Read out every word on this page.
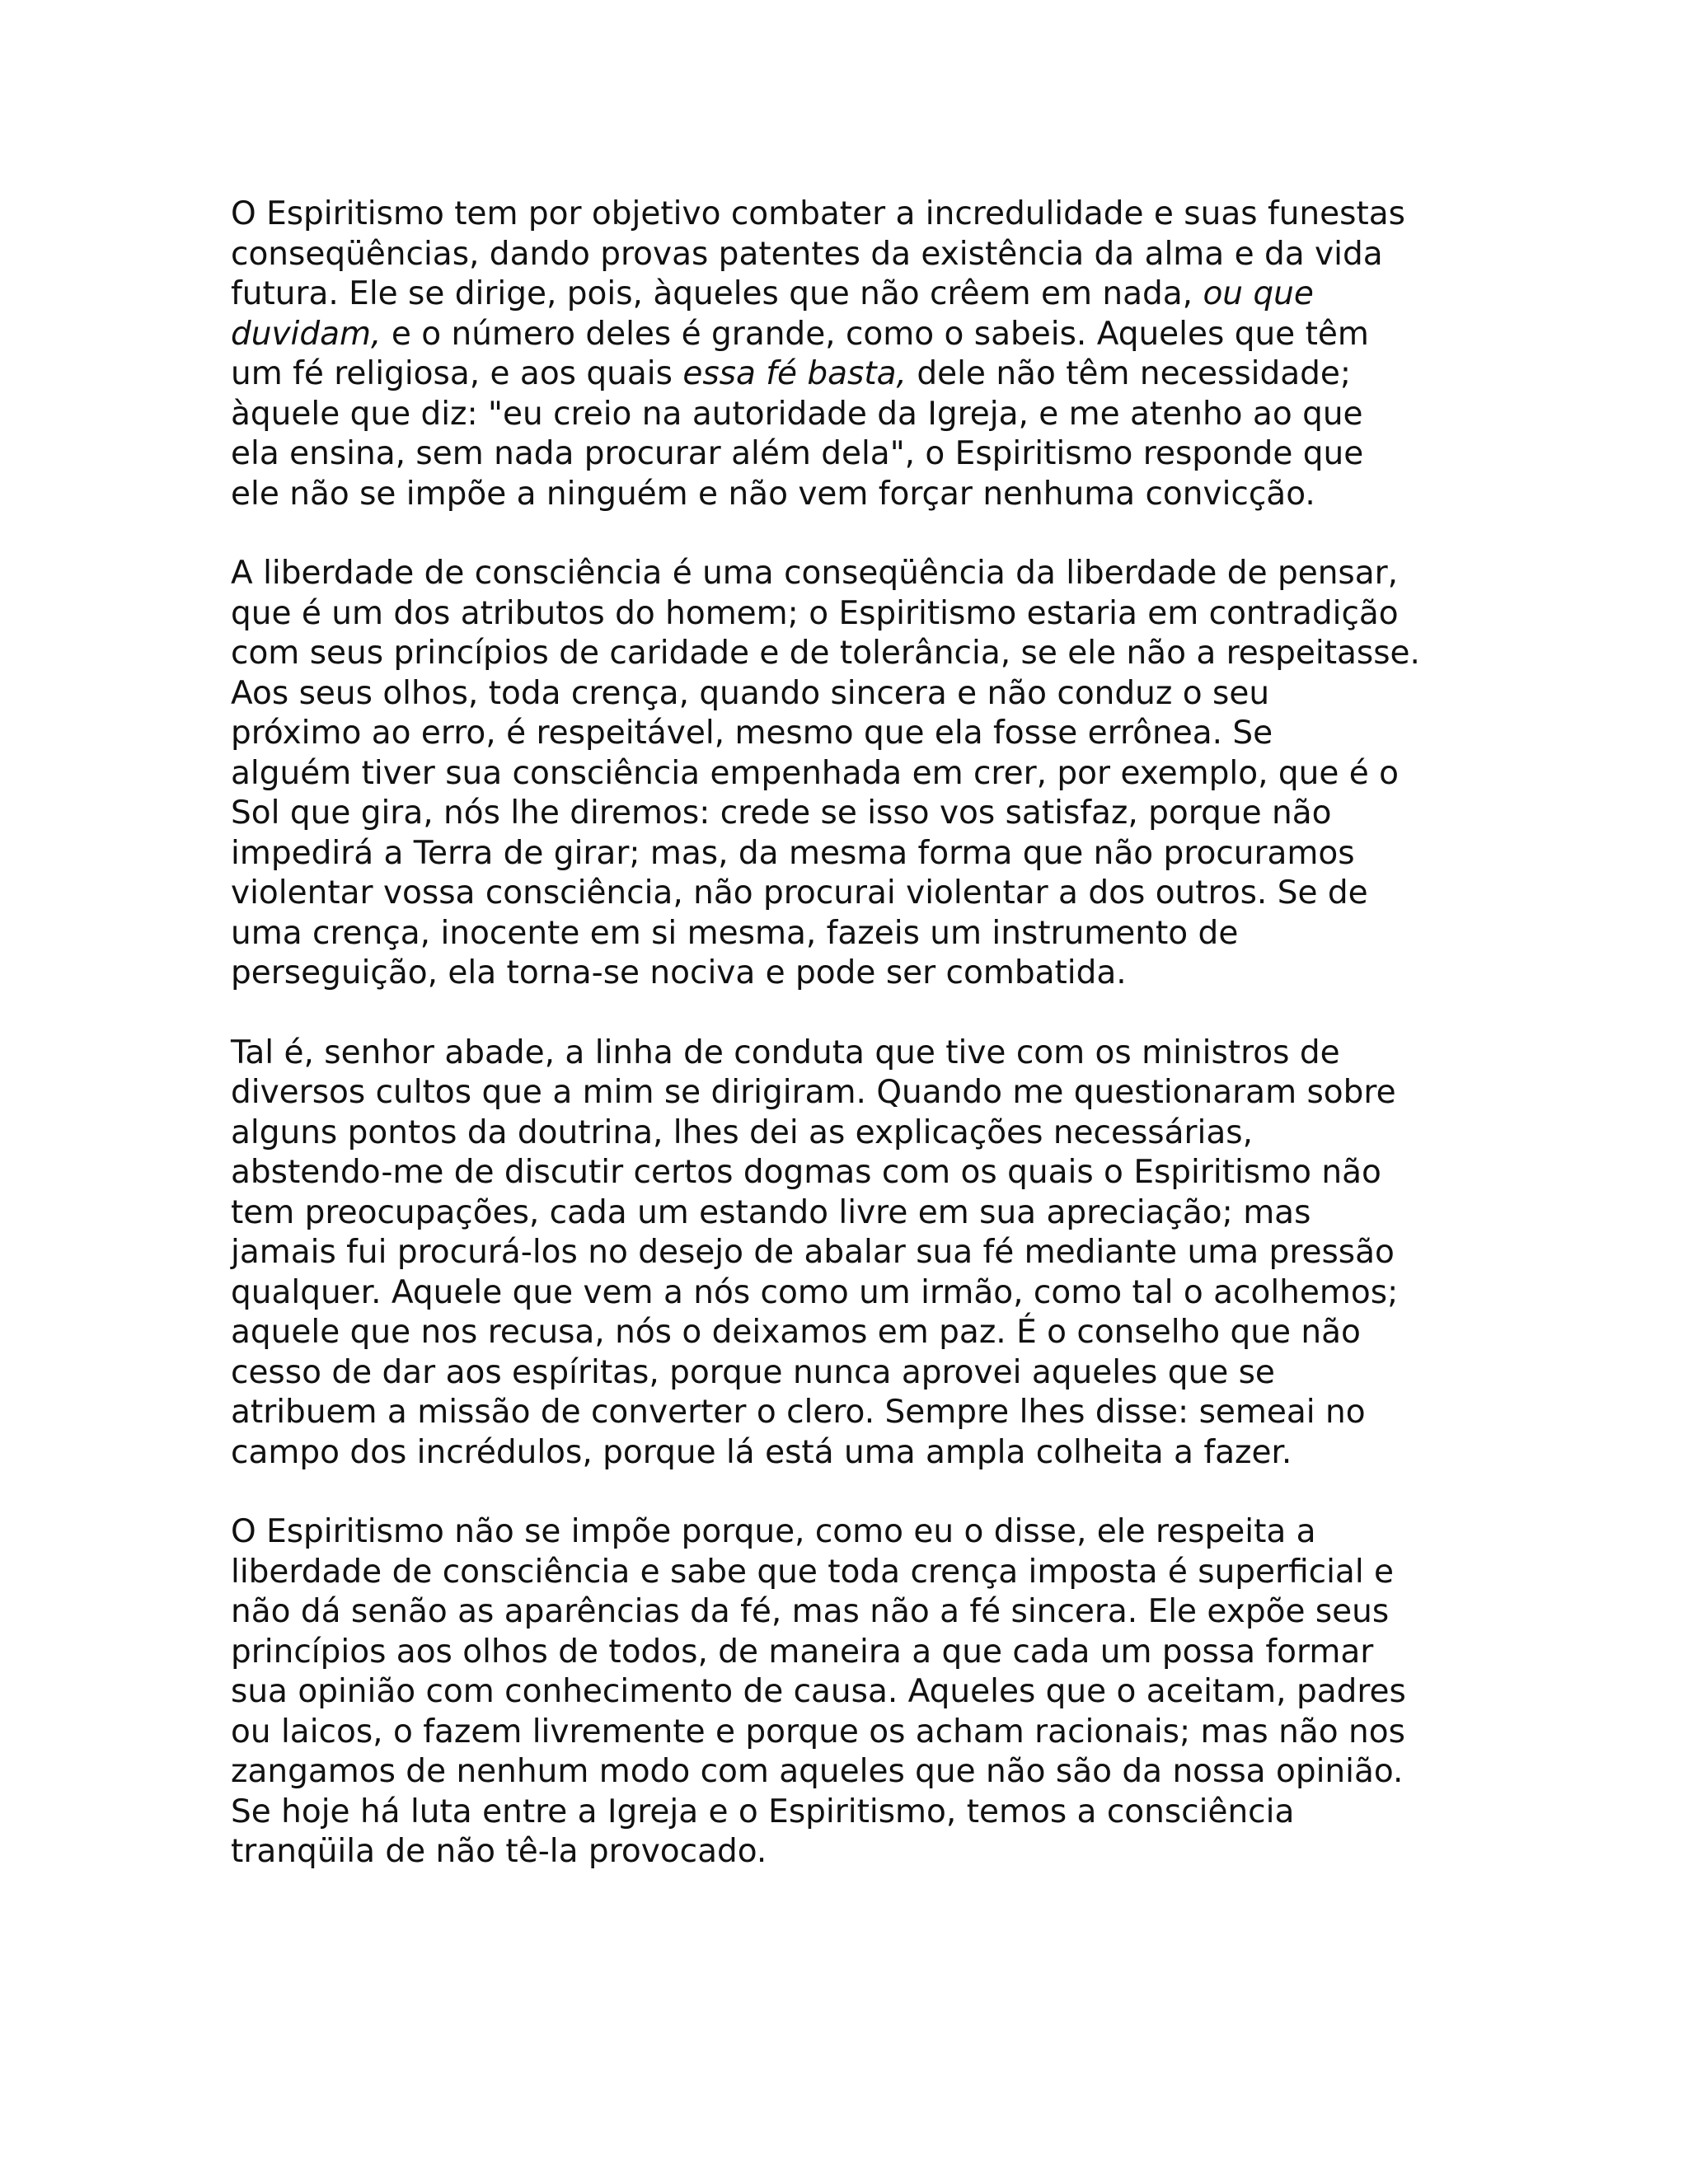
O Espiritismo tem por objetivo combater a incredulidade e suas funestas
conseqüências, dando provas patentes da existência da alma e da vida
futura. Ele se dirige, pois, àqueles que não crêem em nada, ou que
duvidam, e o número deles é grande, como o sabeis. Aqueles que têm
um fé religiosa, e aos quais essa fé basta, dele não têm necessidade;
àquele que diz: "eu creio na autoridade da Igreja, e me atenho ao que
ela ensina, sem nada procurar além dela", o Espiritismo responde que
ele não se impõe a ninguém e não vem forçar nenhuma convicção.

A liberdade de consciência é uma conseqüência da liberdade de pensar,
que é um dos atributos do homem; o Espiritismo estaria em contradição
com seus princípios de caridade e de tolerância, se ele não a respeitasse.
Aos seus olhos, toda crença, quando sincera e não conduz o seu
próximo ao erro, é respeitável, mesmo que ela fosse errônea. Se
alguém tiver sua consciência empenhada em crer, por exemplo, que é o
Sol que gira, nós lhe diremos: crede se isso vos satisfaz, porque não
impedirá a Terra de girar; mas, da mesma forma que não procuramos
violentar vossa consciência, não procurai violentar a dos outros. Se de
uma crença, inocente em si mesma, fazeis um instrumento de
perseguição, ela torna-se nociva e pode ser combatida.

Tal é, senhor abade, a linha de conduta que tive com os ministros de
diversos cultos que a mim se dirigiram. Quando me questionaram sobre
alguns pontos da doutrina, lhes dei as explicações necessárias,
abstendo-me de discutir certos dogmas com os quais o Espiritismo não
tem preocupações, cada um estando livre em sua apreciação; mas
jamais fui procurá-los no desejo de abalar sua fé mediante uma pressão
qualquer. Aquele que vem a nós como um irmão, como tal o acolhemos;
aquele que nos recusa, nós o deixamos em paz. É o conselho que não
cesso de dar aos espíritas, porque nunca aprovei aqueles que se
atribuem a missão de converter o clero. Sempre lhes disse: semeai no
campo dos incrédulos, porque lá está uma ampla colheita a fazer.

O Espiritismo não se impõe porque, como eu o disse, ele respeita a
liberdade de consciência e sabe que toda crença imposta é superficial e
não dá senão as aparências da fé, mas não a fé sincera. Ele expõe seus
princípios aos olhos de todos, de maneira a que cada um possa formar
sua opinião com conhecimento de causa. Aqueles que o aceitam, padres
ou laicos, o fazem livremente e porque os acham racionais; mas não nos
zangamos de nenhum modo com aqueles que não são da nossa opinião.
Se hoje há luta entre a Igreja e o Espiritismo, temos a consciência
tranqüila de não tê-la provocado.
